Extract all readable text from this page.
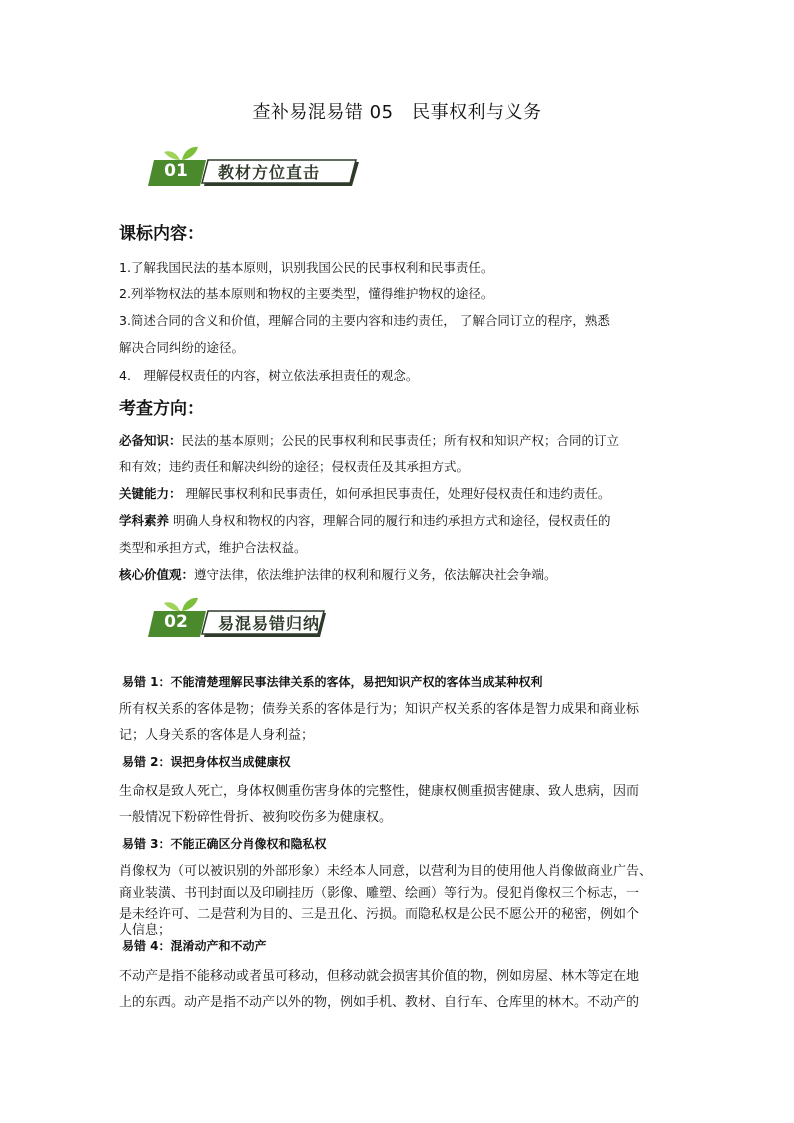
查补易混易错 05　民事权利与义务
01	教材方位直击
课标内容：
1.了解我国民法的基本原则，识别我国公民的民事权利和民事责任。
2.列举物权法的基本原则和物权的主要类型，懂得维护物权的途径。
3.简述合同的含义和价值，理解合同的主要内容和违约责任， 了解合同订立的程序，熟悉
解决合同纠纷的途径。
4.　理解侵权责任的内容，树立依法承担责任的观念。
考查方向：
必备知识：民法的基本原则；公民的民事权利和民事责任；所有权和知识产权；合同的订立
和有效；违约责任和解决纠纷的途径；侵权责任及其承担方式。
关键能力： 理解民事权利和民事责任，如何承担民事责任，处理好侵权责任和违约责任。
学科素养 明确人身权和物权的内容，理解合同的履行和违约承担方式和途径，侵权责任的
类型和承担方式，维护合法权益。
核心价值观：遵守法律，依法维护法律的权利和履行义务，依法解决社会争端。
02	易混易错归纳
易错 1：不能清楚理解民事法律关系的客体，易把知识产权的客体当成某种权利
所有权关系的客体是物；债券关系的客体是行为；知识产权关系的客体是智力成果和商业标
记；人身关系的客体是人身利益；
易错 2：误把身体权当成健康权
生命权是致人死亡，身体权侧重伤害身体的完整性，健康权侧重损害健康、致人患病，因而
一般情况下粉碎性骨折、被狗咬伤多为健康权。
易错 3：不能正确区分肖像权和隐私权
肖像权为（可以被识别的外部形象）未经本人同意，以营利为目的使用他人肖像做商业广告、
商业装潢、书刊封面以及印刷挂历（影像、雕塑、绘画）等行为。侵犯肖像权三个标志，一
是未经许可、二是营利为目的、三是丑化、污损。而隐私权是公民不愿公开的秘密，例如个
人信息；
易错 4：混淆动产和不动产
不动产是指不能移动或者虽可移动，但移动就会损害其价值的物，例如房屋、林木等定在地
上的东西。动产是指不动产以外的物，例如手机、教材、自行车、仓库里的林木。不动产的
